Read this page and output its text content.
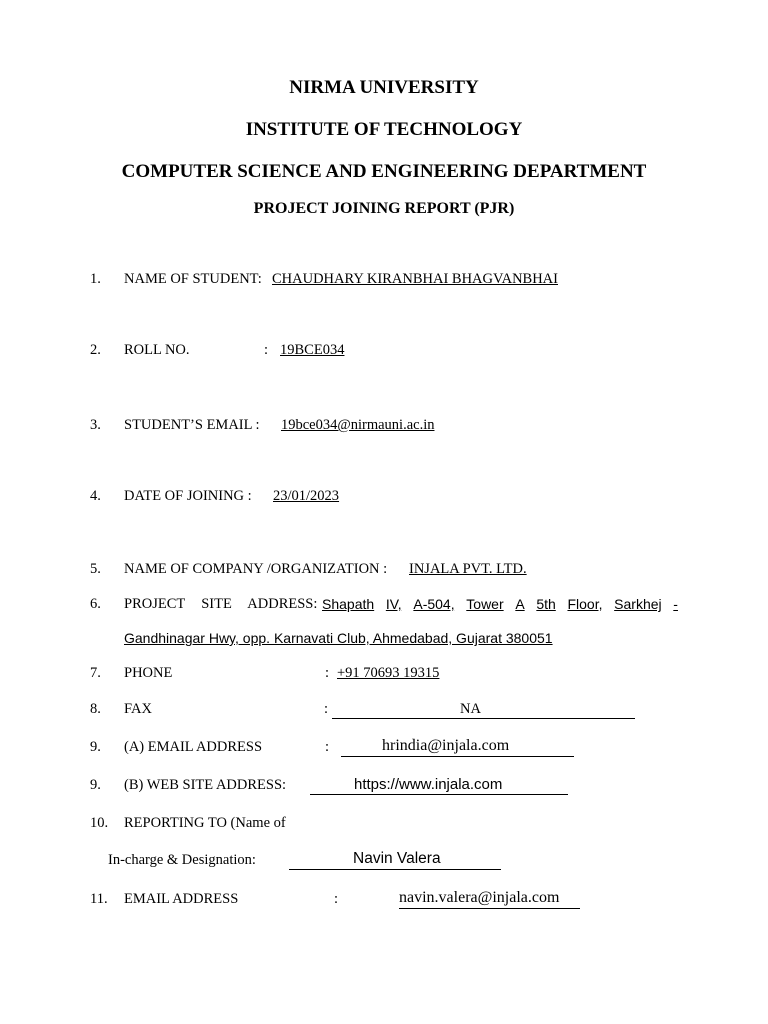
NIRMA UNIVERSITY
INSTITUTE OF TECHNOLOGY
COMPUTER SCIENCE AND ENGINEERING DEPARTMENT
PROJECT JOINING REPORT (PJR)
1. NAME OF STUDENT: CHAUDHARY KIRANBHAI BHAGVANBHAI
2. ROLL NO.	: 19BCE034
3. STUDENT’S EMAIL : 19bce034@nirmauni.ac.in
4. DATE OF JOINING : 23/01/2023
5. NAME OF COMPANY /ORGANIZATION : INJALA PVT. LTD.
6. PROJECT SITE ADDRESS: Shapath IV, A-504, Tower A 5th Floor, Sarkhej -
Gandhinagar Hwy, opp. Karnavati Club, Ahmedabad, Gujarat 380051
7. PHONE	: +91 70693 19315
8. FAX	:	NA
9. (A) EMAIL ADDRESS	:	hrindia@injala.com
9. (B) WEB SITE ADDRESS:	https://www.injala.com
10. REPORTING TO (Name of
In-charge & Designation:	Navin Valera
11. EMAIL ADDRESS	:	navin.valera@injala.com
